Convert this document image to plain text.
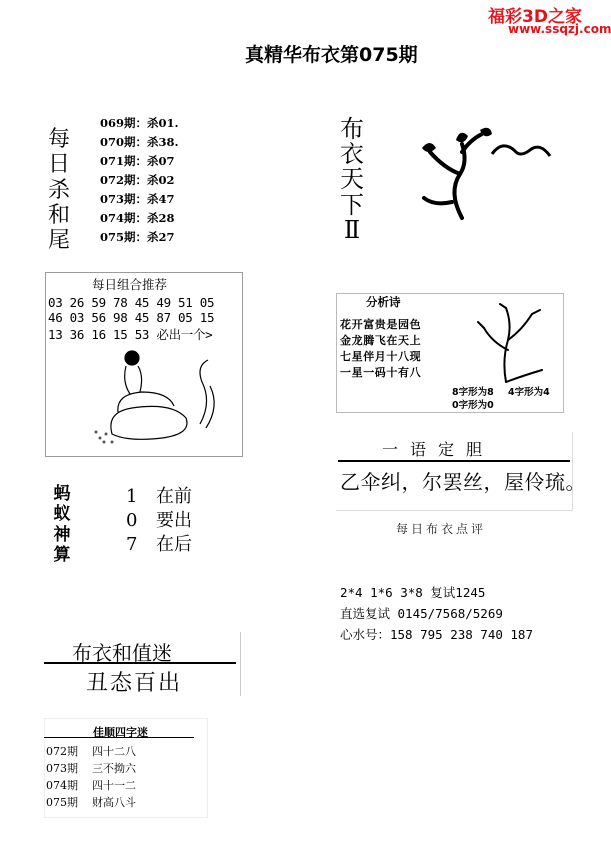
福彩3D之家
www.ssqzj.com
真精华布衣第075期
每
日
杀
和
尾
069期：杀01.
070期：杀38.
071期：杀07
072期：杀02
073期：杀47
074期：杀28
075期：杀27
布
衣
天
下
Ⅱ
每日组合推荐
03 26 59 78 45 49 51 05
46 03 56 98 45 87 05 15
13 36 16 15 53 必出一个>
分析诗
花开富贵是园色
金龙腾飞在天上
七星伴月十八现
一星一码十有八
8字形为8 4字形为4
0字形为0
一语定胆
乙伞纠，尔罢丝，屋伶琉。
每日布衣点评
2*4 1*6 3*8 复试1245
直选复试 0145/7568/5269
心水号：158 795 238 740 187
蚂
蚁
神
算
1 在前
0 要出
7 在后
布衣和值迷
丑态百出
佳顺四字迷
072期 四十二八
073期 三不拗六
074期 四十一二
075期 财高八斗
